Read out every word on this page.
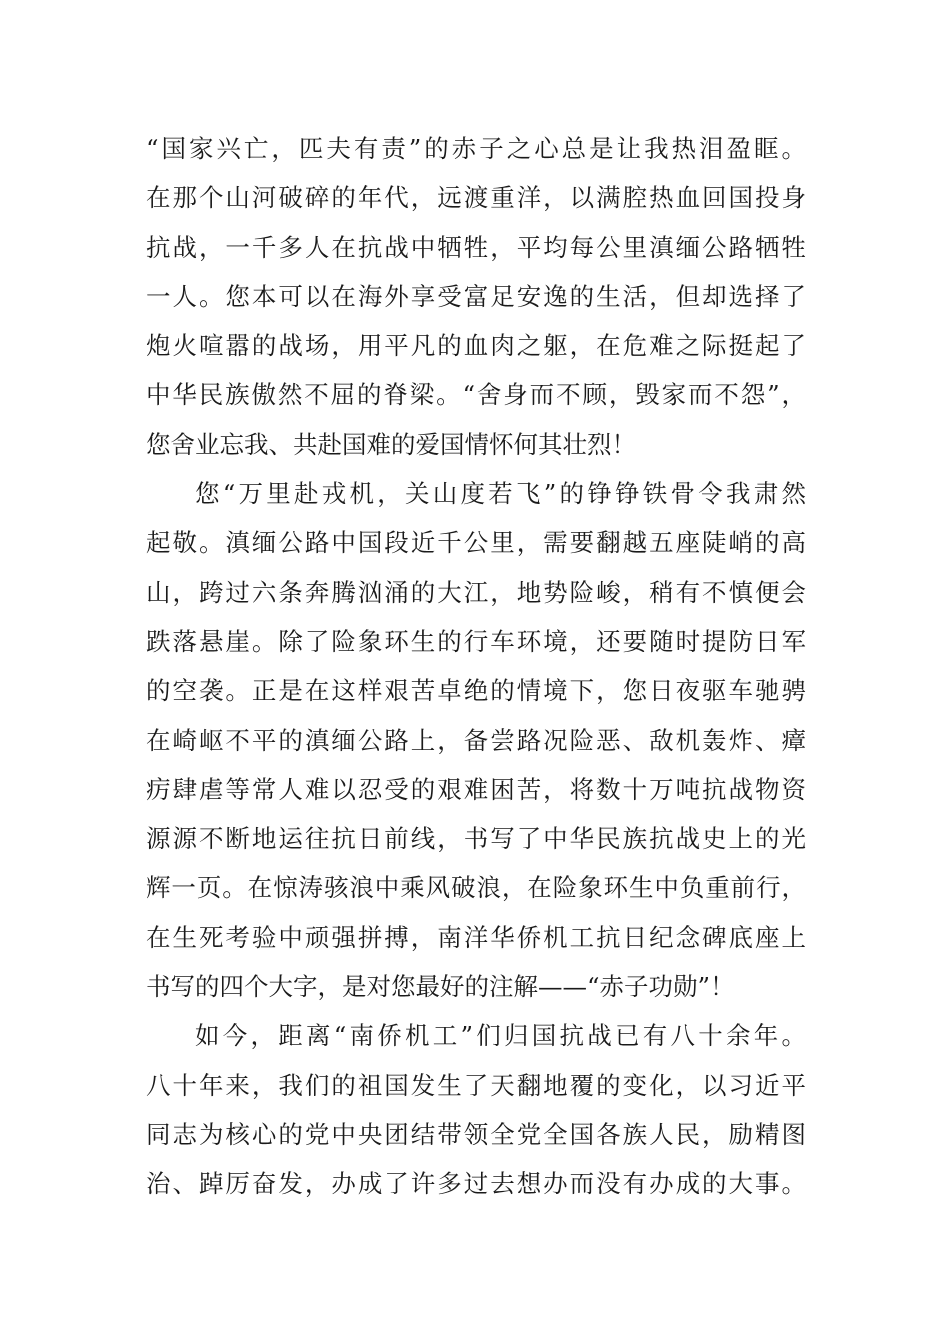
“国家兴亡，匹夫有责”的赤子之心总是让我热泪盈眶。
在那个山河破碎的年代，远渡重洋，以满腔热血回国投身
抗战，一千多人在抗战中牺牲，平均每公里滇缅公路牺牲
一人。您本可以在海外享受富足安逸的生活，但却选择了
炮火喧嚣的战场，用平凡的血肉之躯，在危难之际挺起了
中华民族傲然不屈的脊梁。“舍身而不顾，毁家而不怨”，
您舍业忘我、共赴国难的爱国情怀何其壮烈！
您“万里赴戎机，关山度若飞”的铮铮铁骨令我肃然
起敬。滇缅公路中国段近千公里，需要翻越五座陡峭的高
山，跨过六条奔腾汹涌的大江，地势险峻，稍有不慎便会
跌落悬崖。除了险象环生的行车环境，还要随时提防日军
的空袭。正是在这样艰苦卓绝的情境下，您日夜驱车驰骋
在崎岖不平的滇缅公路上，备尝路况险恶、敌机轰炸、瘴
疠肆虐等常人难以忍受的艰难困苦，将数十万吨抗战物资
源源不断地运往抗日前线，书写了中华民族抗战史上的光
辉一页。在惊涛骇浪中乘风破浪，在险象环生中负重前行，
在生死考验中顽强拼搏，南洋华侨机工抗日纪念碑底座上
书写的四个大字，是对您最好的注解——“赤子功勋”！
如今，距离“南侨机工”们归国抗战已有八十余年。
八十年来，我们的祖国发生了天翻地覆的变化，以习近平
同志为核心的党中央团结带领全党全国各族人民，励精图
治、踔厉奋发，办成了许多过去想办而没有办成的大事。
